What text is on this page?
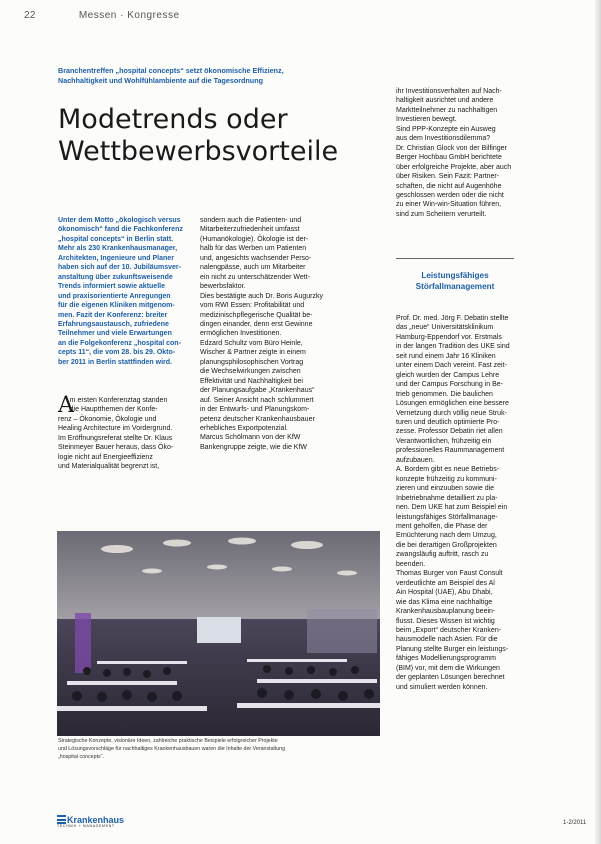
22	Messen · Kongresse
Branchentreffen „hospital concepts“ setzt ökonomische Effizienz,
Nachhaltigkeit und Wohlfühlambiente auf die Tagesordnung
Modetrends oder
Wettbewerbsvorteile

Unter dem Motto „ökologisch versus

ökonomisch“ fand die Fachkonferenz

„hospital concepts“ in Berlin statt.

Mehr als 230 Krankenhausmanager,

Architekten, Ingenieure und Planer

haben sich auf der 10. Jubiläumsver-

anstaltung über zukunftsweisende

Trends informiert sowie aktuelle

und praxisorientierte Anregungen

für die eigenen Kliniken mitgenom-

men. Fazit der Konferenz: breiter

Erfahrungsaustausch, zufriedene

Teilnehmer und viele Erwartungen

an die Folgekonferenz „hospital con-

cepts 11“, die vom 28. bis 29. Okto-

ber 2011 in Berlin stattfinden wird.

A

m ersten Konferenztag standen

die Hauptthemen der Konfe-

renz – Ökonomie, Ökologie und

Healing Architecture im Vordergrund.

Im Eröffnungsreferat stellte Dr. Klaus

Steinmeyer Bauer heraus, dass Öko-

logie nicht auf Energieeffizienz

und Materialqualität begrenzt ist,

sondern auch die Patienten- und

Mitarbeiterzufriedenheit umfasst

(Humanökologie). Ökologie ist der-

halb für das Werben um Patienten

und, angesichts wachsender Perso-

nalengpässe, auch um Mitarbeiter

ein nicht zu unterschätzender Wett-

bewerbsfaktor.

Dies bestätigte auch Dr. Boris Augurzky

vom RWI Essen: Profitabilität und

medizinischpflegerische Qualität be-

dingen einander, denn erst Gewinne

ermöglichen Investitionen.

Edzard Schultz vom Büro Heinle,

Wischer & Partner zeigte in einem

planungsphilosophischen Vortrag

die Wechselwirkungen zwischen

Effektivität und Nachhaltigkeit bei

der Planungsaufgabe „Krankenhaus“

auf. Seiner Ansicht nach schlummert

in der Entwurfs- und Planungskom-

petenz deutscher Krankenhausbauer

erhebliches Exportpotenzial.

Marcus Schölmann von der KfW

Bankengruppe zeigte, wie die KfW

ihr Investitionsverhalten auf Nach-

haltigkeit ausrichtet und andere

Marktteilnehmer zu nachhaltigen

Investieren bewegt.

Sind PPP-Konzepte ein Ausweg

aus dem Investitionsdilemma?

Dr. Christian Glock von der Bilfinger

Berger Hochbau GmbH berichtete

über erfolgreiche Projekte, aber auch

über Risiken. Sein Fazit: Partner-

schaften, die nicht auf Augenhöhe

geschlossen werden oder die nicht

zu einer Win-win-Situation führen,

sind zum Scheitern verurteilt.

Leistungsfähiges
Störfallmanagement

Prof. Dr. med. Jörg F. Debatin stellte

das „neue“ Universitätsklinikum

Hamburg-Eppendorf vor. Erstmals

in der langen Tradition des UKE sind

seit rund einem Jahr 16 Kliniken

unter einem Dach vereint. Fast zeit-

gleich wurden der Campus Lehre

und der Campus Forschung in Be-

trieb genommen. Die baulichen

Lösungen ermöglichen eine bessere

Vernetzung durch völlig neue Struk-

turen und deutlich optimierte Pro-

zesse. Professor Debatin riet allen

Verantwortlichen, frühzeitig ein

professionelles Raummanagement

aufzubauen.

A. Bordem gibt es neue Betriebs-

konzepte frühzeitig zu kommuni-

zieren und einzuuben sowie die

Inbetriebnahme detailliert zu pla-

nen. Dem UKE hat zum Beispiel ein

leistungsfähiges Störfallmanage-

ment geholfen, die Phase der

Ernüchterung nach dem Umzug,

die bei derartigen Großprojekten

zwangsläufig auftritt, rasch zu

beenden.

Thomas Burger von Faust Consult

verdeutlichte am Beispiel des Al

Ain Hospital (UAE), Abu Dhabi,

wie das Klima eine nachhaltige

Krankenhausbauplanung beein-

flusst. Dieses Wissen ist wichtig

beim „Export“ deutscher Kranken-

hausmodelle nach Asien. Für die

Planung stellte Burger ein leistungs-

fähiges Modellierungsprogramm

(BIM) vor, mit dem die Wirkungen

der geplanten Lösungen berechnet

und simuliert werden können.

Strategische Konzepte, visionäre Ideen, zahlreiche praktische Beispiele erfolgreicher Projekte

und Lösungsvorschläge für nachhaltiges Krankenhausbauen waren die Inhalte der Veranstaltung

„hospital concepts“.

Krankenhaus
TECHNIK + MANAGEMENT	1-2/2011
